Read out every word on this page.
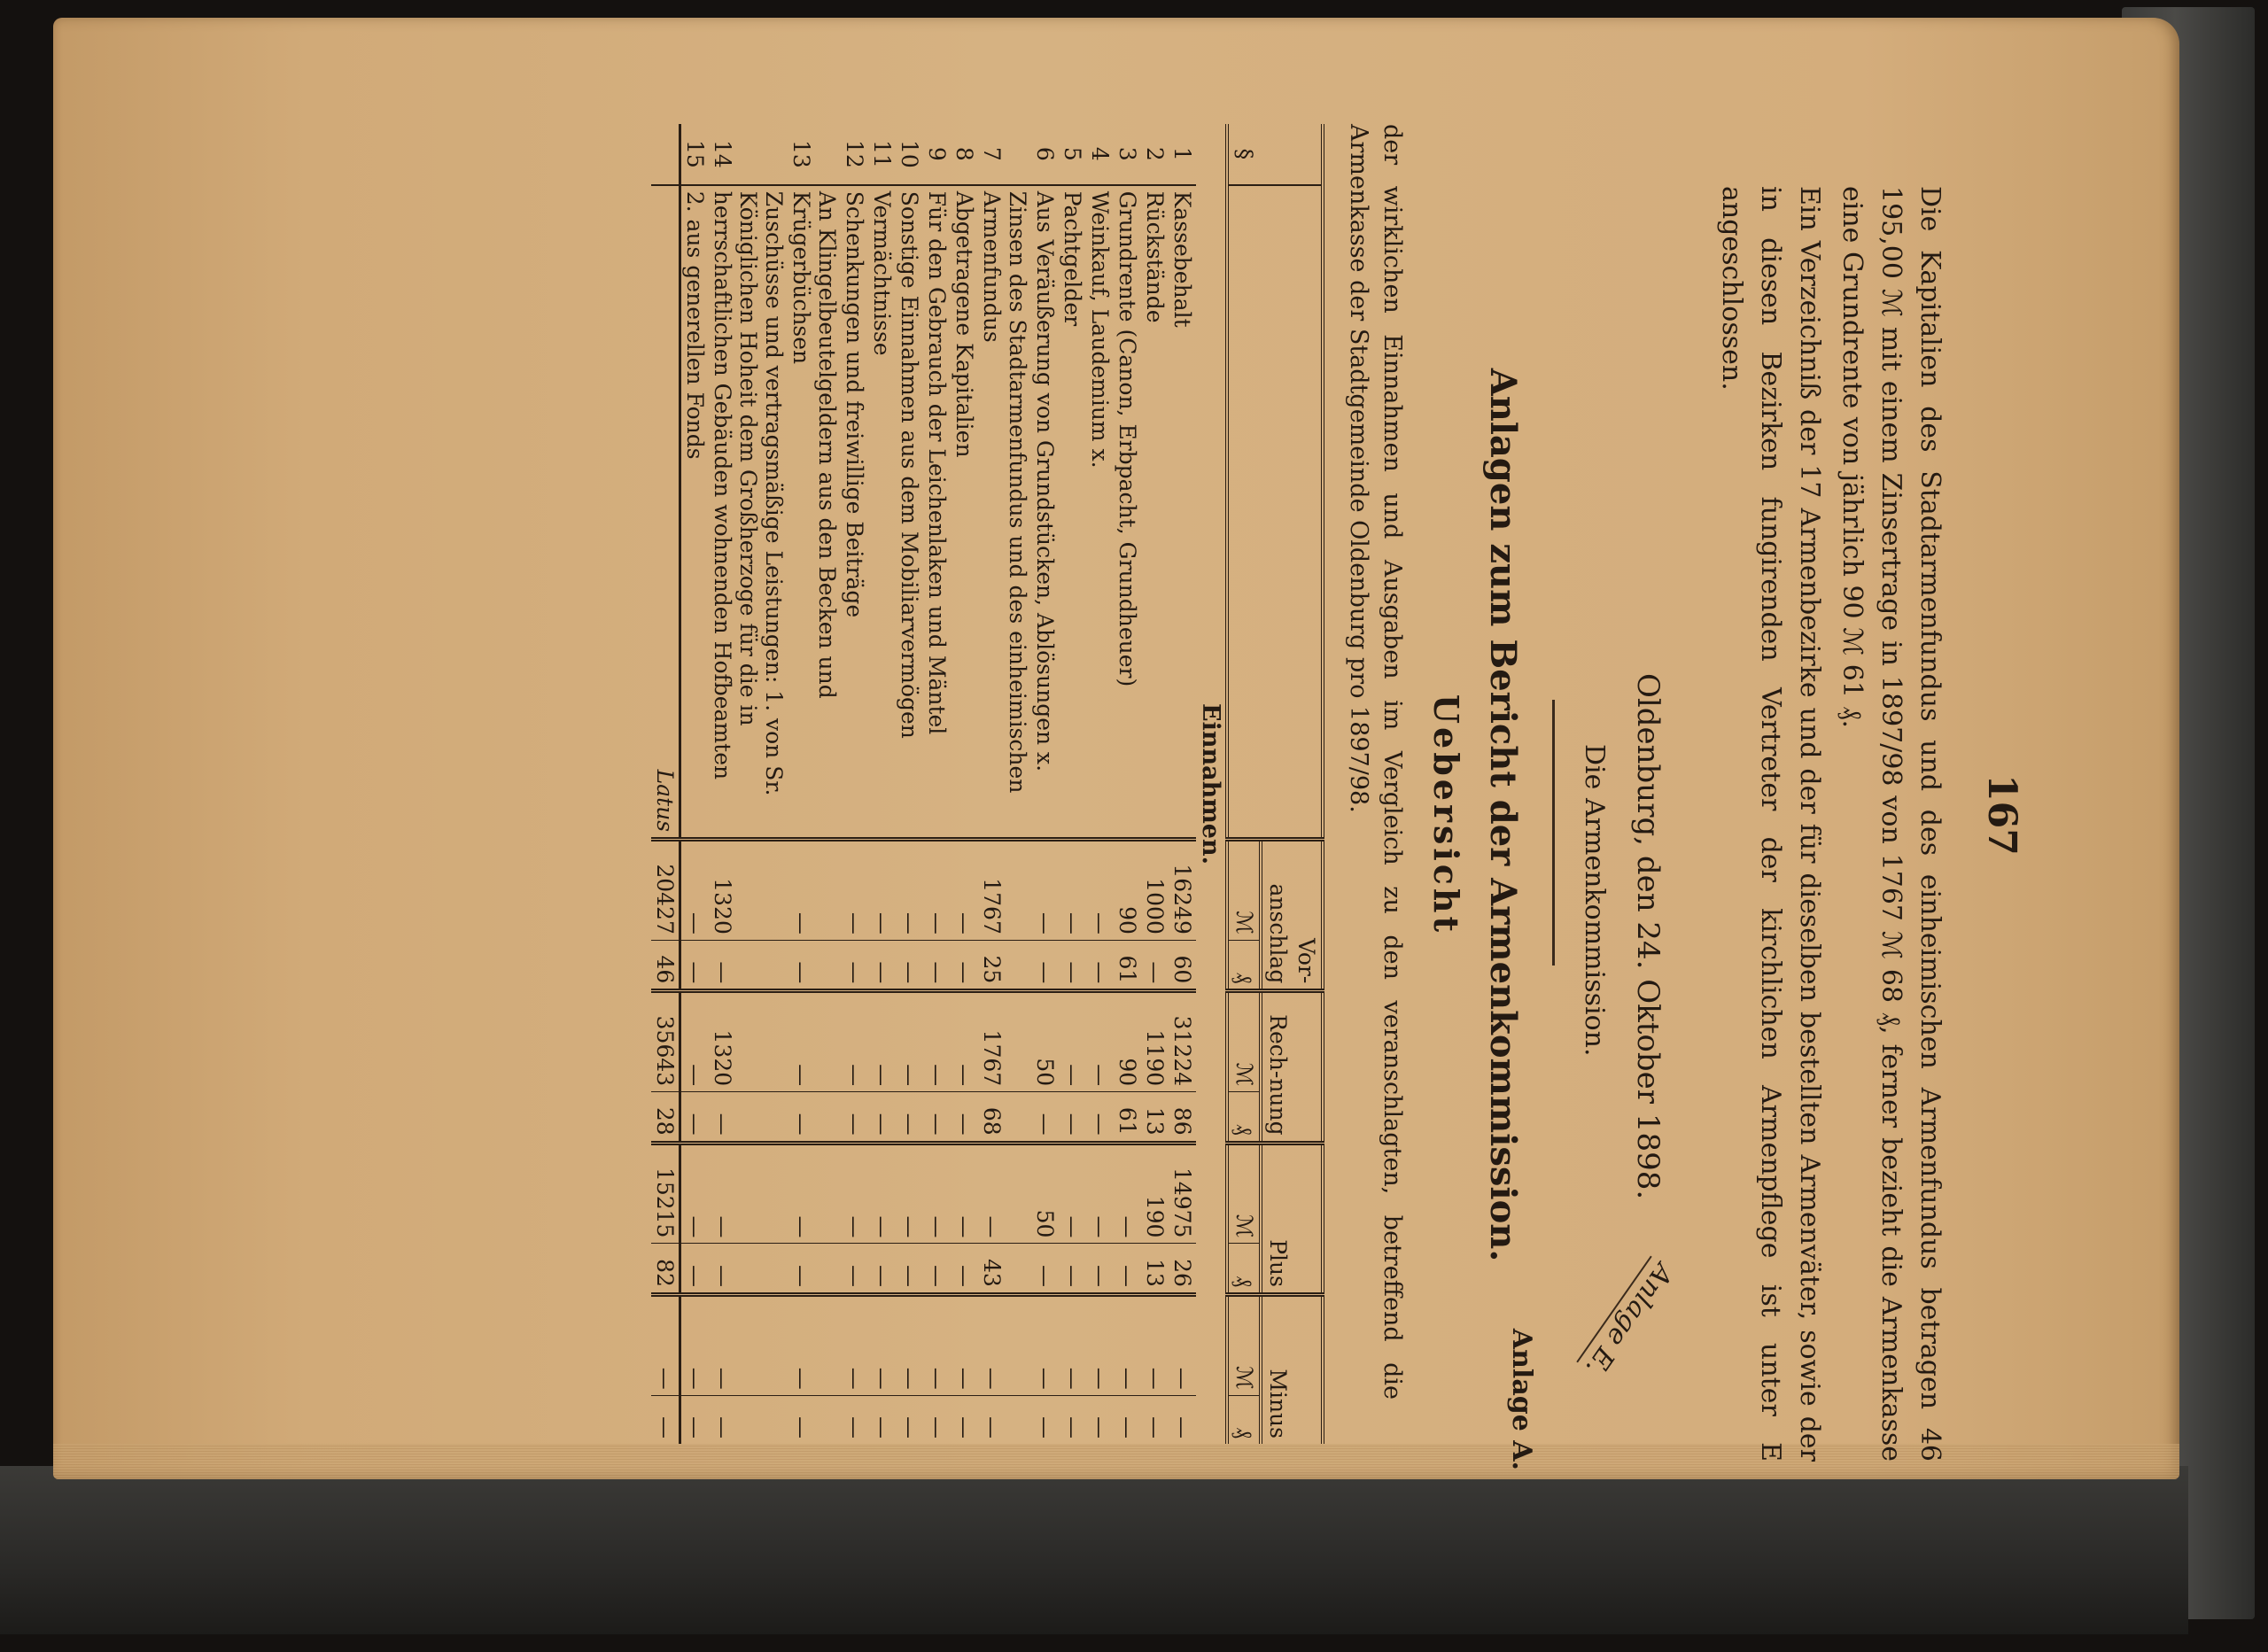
167
Die Kapitalien des Stadtarmenfundus und des einheimischen Armenfundus betragen 46 195,00 ℳ mit einem Zinsertrage in 1897/98 von 1767 ℳ 68 ₰, ferner bezieht die Armenkasse eine Grundrente von jährlich 90 ℳ 61 ₰.
Ein Verzeichniß der 17 Armenbezirke und der für dieselben bestellten Armenväter, sowie der in diesen Bezirken fungirenden Vertreter der kirchlichen Armenpflege ist unter E angeschlossen.
Oldenburg, den 24. Oktober 1898.
Die Armenkommission.
Anlage E.
Anlage A.
Anlagen zum Bericht der Armenkommission.
Uebersicht
der wirklichen Einnahmen und Ausgaben im Vergleich zu den veranschlagten, betreffend die Armenkasse der Stadtgemeinde Oldenburg pro 1897/98.
§		Vor-anschlag		Rech-nung		Plus		Minus	
		ℳ	₰	ℳ	₰	ℳ	₰	ℳ	₰
Einnahmen.									
1	Kassebehalt	16249	60	31224	86	14975	26	—	—
2	Rückstände	1000	—	1190	13	190	13	—	—
3	Grundrente (Canon, Erbpacht, Grundheuer)	90	61	90	61	—	—	—	—
4	Weinkauf, Laudemium x.	—	—	—	—	—	—	—	—
5	Pachtgelder	—	—	—	—	—	—	—	—
6	Aus Veräußerung von Grundstücken, Ablösungen x.	—	—	50	—	50	—	—	—
7	Zinsen des Stadtarmenfundus und des einheimischen Armenfundus	1767	25	1767	68	—	43	—	—
8	Abgetragene Kapitalien	—	—	—	—	—	—	—	—
9	Für den Gebrauch der Leichenlaken und Mäntel	—	—	—	—	—	—	—	—
10	Sonstige Einnahmen aus dem Mobiliarvermögen	—	—	—	—	—	—	—	—
11	Vermächtnisse	—	—	—	—	—	—	—	—
12	Schenkungen und freiwillige Beiträge	—	—	—	—	—	—	—	—
13	An Klingelbeutelgeldern aus den Becken und Krügerbüchsen	—	—	—	—	—	—	—	—
14	Zuschüsse und vertragsmäßige Leistungen: 1. von Sr. Königlichen Hoheit dem Großherzoge für die in herrschaftlichen Gebäuden wohnenden Hofbeamten	1320	—	1320	—	—	—	—	—
15	2. aus generellen Fonds	—	—	—	—	—	—	—	—
	Latus	20427	46	35643	28	15215	82	—	—
